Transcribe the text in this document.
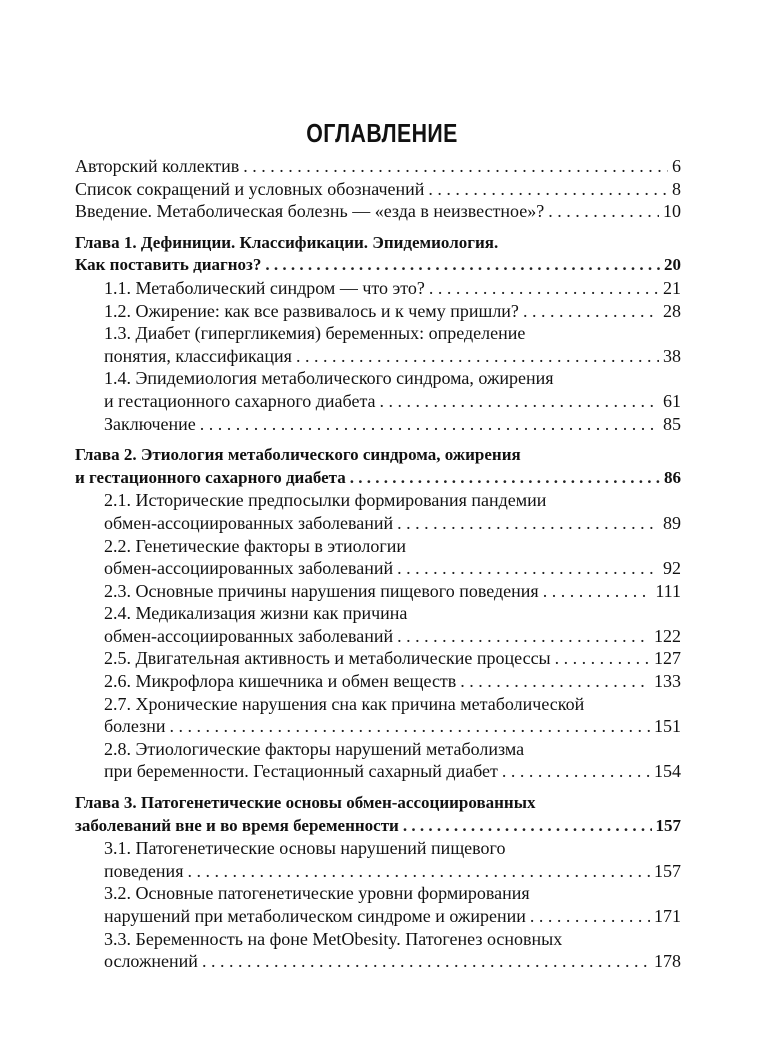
ОГЛАВЛЕНИЕ
Авторский коллектив . . .	6
Список сокращений и условных обозначений . . .	8
Введение. Метаболическая болезнь — «езда в неизвестное»? . . .	10
Глава 1. Дефиниции. Классификации. Эпидемиология.
Как поставить диагноз? . . .	20
1.1. Метаболический синдром — что это? . . .	21
1.2. Ожирение: как все развивалось и к чему пришли? . . .	28
1.3. Диабет (гипергликемия) беременных: определение
понятия, классификация . . .	38
1.4. Эпидемиология метаболического синдрома, ожирения
и гестационного сахарного диабета . . .	61
Заключение . . .	85
Глава 2. Этиология метаболического синдрома, ожирения
и гестационного сахарного диабета . . .	86
2.1. Исторические предпосылки формирования пандемии
обмен-ассоциированных заболеваний . . .	89
2.2. Генетические факторы в этиологии
обмен-ассоциированных заболеваний . . .	92
2.3. Основные причины нарушения пищевого поведения . . .	111
2.4. Медикализация жизни как причина
обмен-ассоциированных заболеваний . . .	122
2.5. Двигательная активность и метаболические процессы . . .	127
2.6. Микрофлора кишечника и обмен веществ . . .	133
2.7. Хронические нарушения сна как причина метаболической
болезни . . .	151
2.8. Этиологические факторы нарушений метаболизма
при беременности. Гестационный сахарный диабет . . .	154
Глава 3. Патогенетические основы обмен-ассоциированных
заболеваний вне и во время беременности . . .	157
3.1. Патогенетические основы нарушений пищевого
поведения . . .	157
3.2. Основные патогенетические уровни формирования
нарушений при метаболическом синдроме и ожирении . . .	171
3.3. Беременность на фоне MetObesity. Патогенез основных
осложнений . . .	178
